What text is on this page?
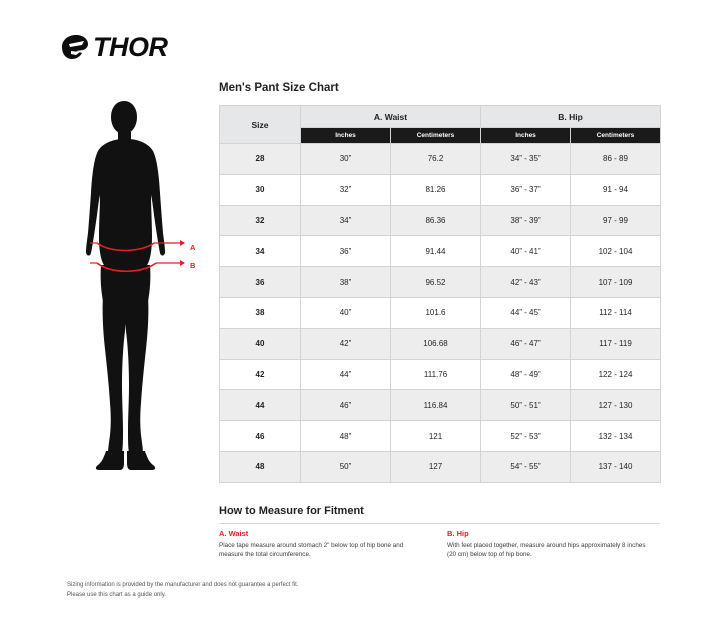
THOR
A
B
Men's Pant Size Chart
Size	A. Waist		B. Hip	
	Inches	Centimeters	Inches	Centimeters
28	30”	76.2	34” - 35”	86 - 89
30	32”	81.26	36” - 37”	91 - 94
32	34”	86.36	38” - 39”	97 - 99
34	36”	91.44	40” - 41”	102 - 104
36	38”	96.52	42” - 43”	107 - 109
38	40”	101.6	44” - 45”	112 - 114
40	42”	106.68	46” - 47”	117 - 119
42	44”	111.76	48” - 49”	122 - 124
44	46”	116.84	50” - 51”	127 - 130
46	48”	121	52” - 53”	132 - 134
48	50”	127	54” - 55”	137 - 140
How to Measure for Fitment
A. Waist
Place tape measure around stomach 2" below top of hip bone and measure the total circumference.
B. Hip
With feet placed together, measure around hips approximately 8 inches (20 cm) below top of hip bone.
Sizing information is provided by the manufacturer and does not guarantee a perfect fit.
Please use this chart as a guide only.
